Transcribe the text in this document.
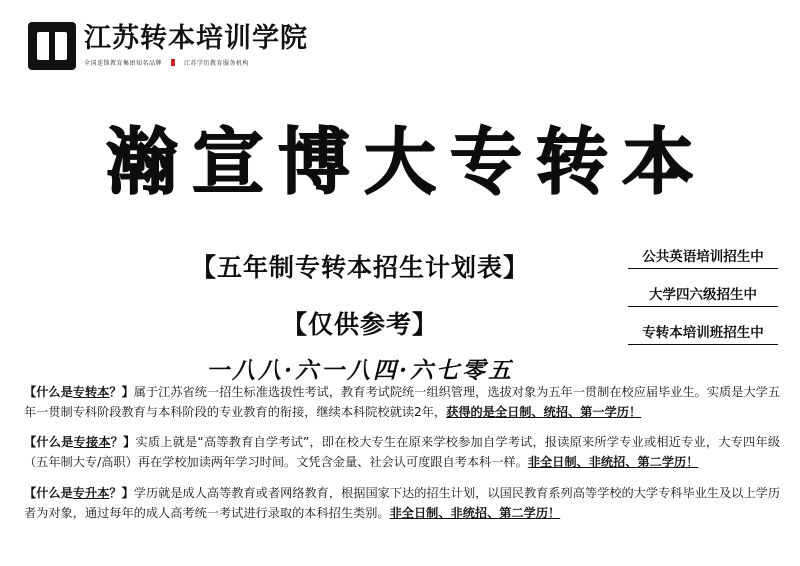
江苏转本培训学院
全国连锁教育集团知名品牌	江苏学历教育服务机构
瀚宣博大专转本
【五年制专转本招生计划表】
【仅供参考】
一八八·六一八四·六七零五
公共英语培训招生中
大学四六级招生中
专转本培训班招生中
【什么是专转本？】属于江苏省统一招生标准选拔性考试，教育考试院统一组织管理，选拔对象为五年一贯制在校应届毕业生。实质是大学五年一贯制专科阶段教育与本科阶段的专业教育的衔接，继续本科院校就读2年，获得的是全日制、统招、第一学历！
【什么是专接本？】实质上就是“高等教育自学考试”，即在校大专生在原来学校参加自学考试，报读原来所学专业或相近专业，大专四年级（五年制大专/高职）再在学校加读两年学习时间。文凭含金量、社会认可度跟自考本科一样。非全日制、非统招、第二学历！
【什么是专升本？】学历就是成人高等教育或者网络教育，根据国家下达的招生计划，以国民教育系列高等学校的大学专科毕业生及以上学历者为对象，通过每年的成人高考统一考试进行录取的本科招生类别。非全日制、非统招、第二学历！
